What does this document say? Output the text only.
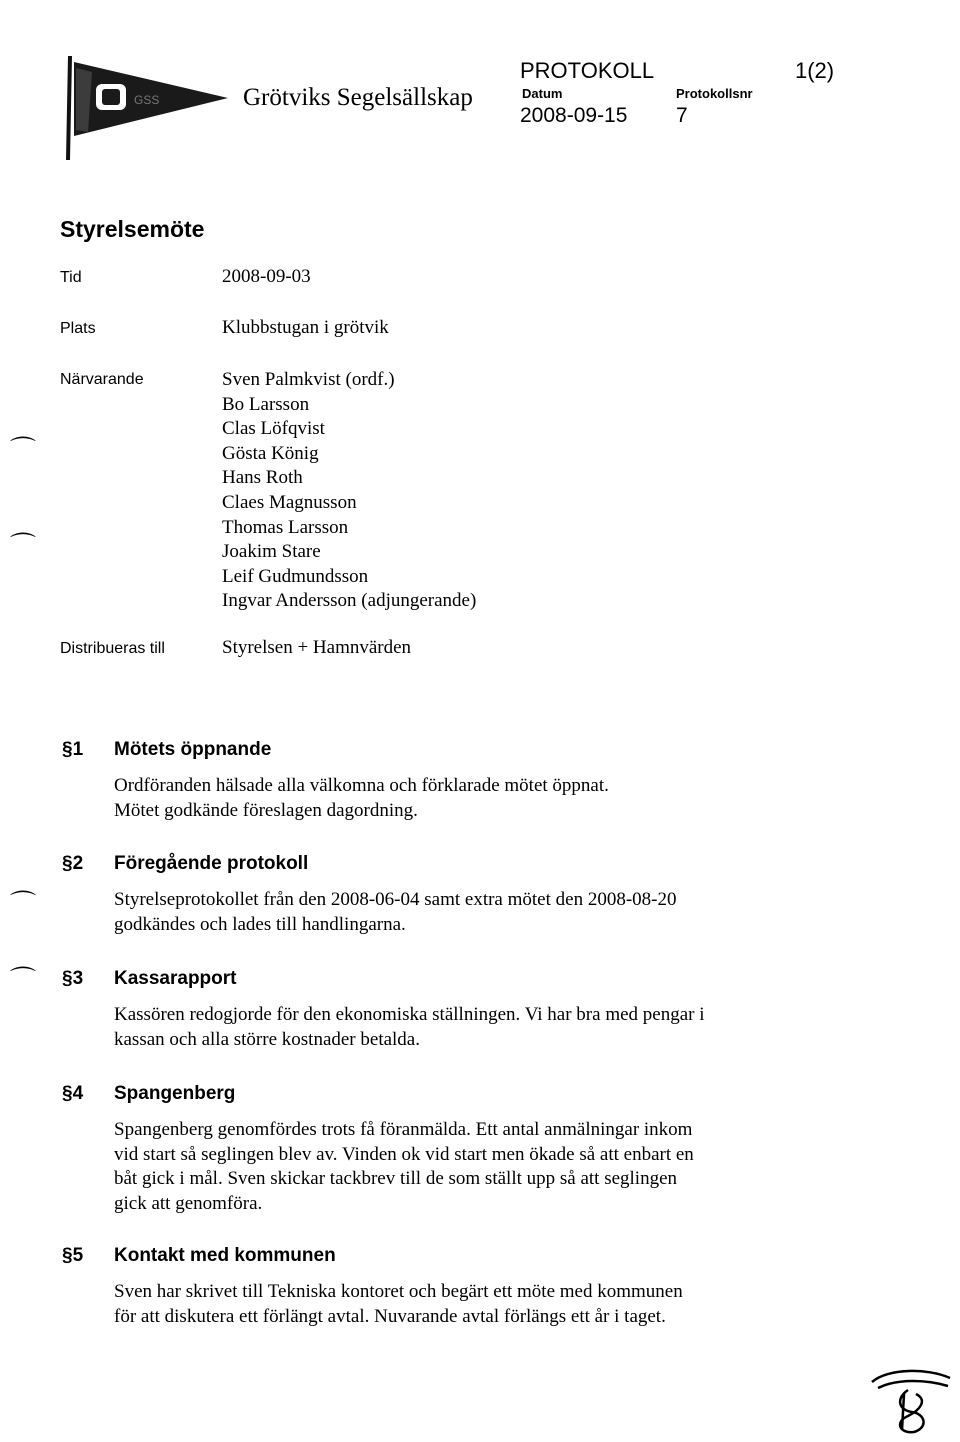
GSS	Grötviks Segelsällskap
PROTOKOLL	1(2)
Datum	Protokollsnr
2008-09-15 7
Styrelsemöte
Tid	2008-09-03
Plats	Klubbstugan i grötvik
Närvarande	Sven Palmkvist (ordf.)
Bo Larsson
Clas Löfqvist
Gösta König
Hans Roth
Claes Magnusson
Thomas Larsson
Joakim Stare
Leif Gudmundsson
Ingvar Andersson (adjungerande)
Distribueras till	Styrelsen + Hamnvärden
§1 Mötets öppnande
Ordföranden hälsade alla välkomna och förklarade mötet öppnat.
Mötet godkände föreslagen dagordning.
§2 Föregående protokoll
Styrelseprotokollet från den 2008-06-04 samt extra mötet den 2008-08-20
godkändes och lades till handlingarna.
§3 Kassarapport
Kassören redogjorde för den ekonomiska ställningen. Vi har bra med pengar i
kassan och alla större kostnader betalda.
§4 Spangenberg
Spangenberg genomfördes trots få föranmälda. Ett antal anmälningar inkom
vid start så seglingen blev av. Vinden ok vid start men ökade så att enbart en
båt gick i mål. Sven skickar tackbrev till de som ställt upp så att seglingen
gick att genomföra.
§5 Kontakt med kommunen
Sven har skrivet till Tekniska kontoret och begärt ett möte med kommunen
för att diskutera ett förlängt avtal. Nuvarande avtal förlängs ett år i taget.
⌒
⌒
⌒
⌒
